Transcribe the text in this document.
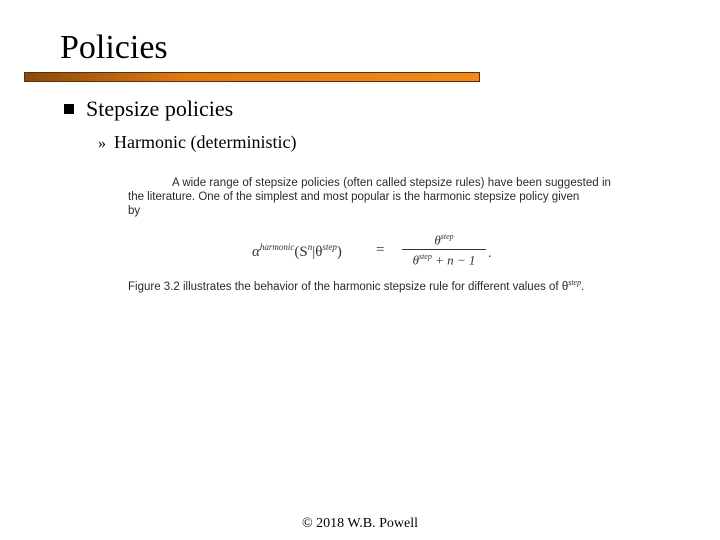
Policies
Stepsize policies
» Harmonic (deterministic)

A wide range of stepsize policies (often called stepsize rules) have been suggested in

the literature. One of the simplest and most popular is the harmonic stepsize policy given

by

$\alpha^{harmonic}(S^n|\theta^{step})$ =
$\theta^{step}$
$\theta^{step} + n - 1$ .
Figure 3.2 illustrates the behavior of the harmonic stepsize rule for different values of $\theta^{step}$.
© 2018 W.B. Powell
